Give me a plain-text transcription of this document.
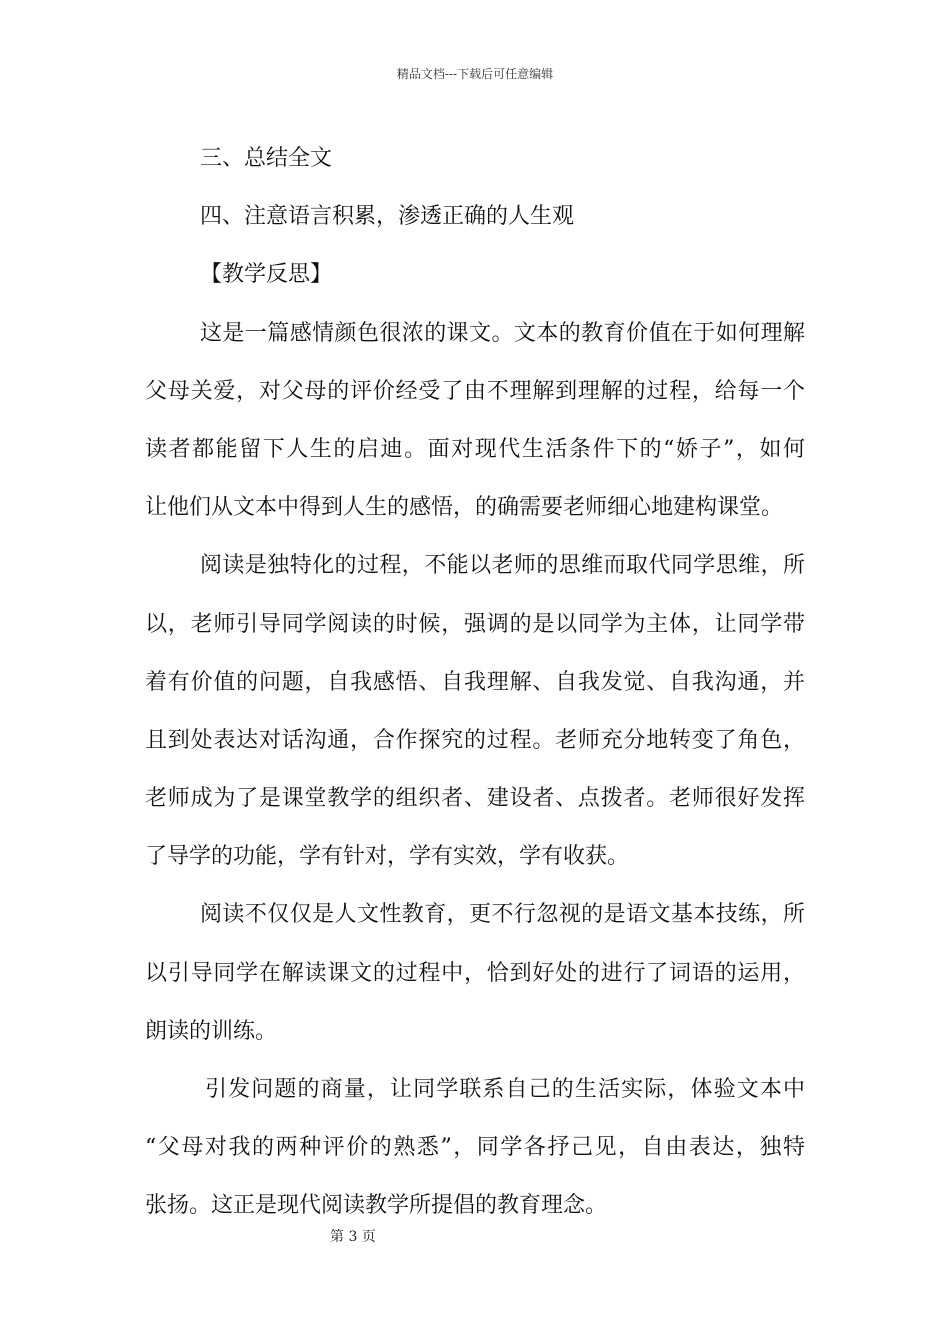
精品文档---下载后可任意编辑
三、总结全文
四、注意语言积累，渗透正确的人生观
【教学反思】
这是一篇感情颜色很浓的课文。文本的教育价值在于如何理解
父母关爱，对父母的评价经受了由不理解到理解的过程，给每一个
读者都能留下人生的启迪。面对现代生活条件下的“娇子”，如何
让他们从文本中得到人生的感悟，的确需要老师细心地建构课堂。
阅读是独特化的过程，不能以老师的思维而取代同学思维，所
以，老师引导同学阅读的时候，强调的是以同学为主体，让同学带
着有价值的问题，自我感悟、自我理解、自我发觉、自我沟通，并
且到处表达对话沟通，合作探究的过程。老师充分地转变了角色，
老师成为了是课堂教学的组织者、建设者、点拨者。老师很好发挥
了导学的功能，学有针对，学有实效，学有收获。
阅读不仅仅是人文性教育，更不行忽视的是语文基本技练，所
以引导同学在解读课文的过程中，恰到好处的进行了词语的运用，
朗读的训练。
引发问题的商量，让同学联系自己的生活实际，体验文本中
“父母对我的两种评价的熟悉”，同学各抒己见，自由表达，独特
张扬。这正是现代阅读教学所提倡的教育理念。
第 3 页
